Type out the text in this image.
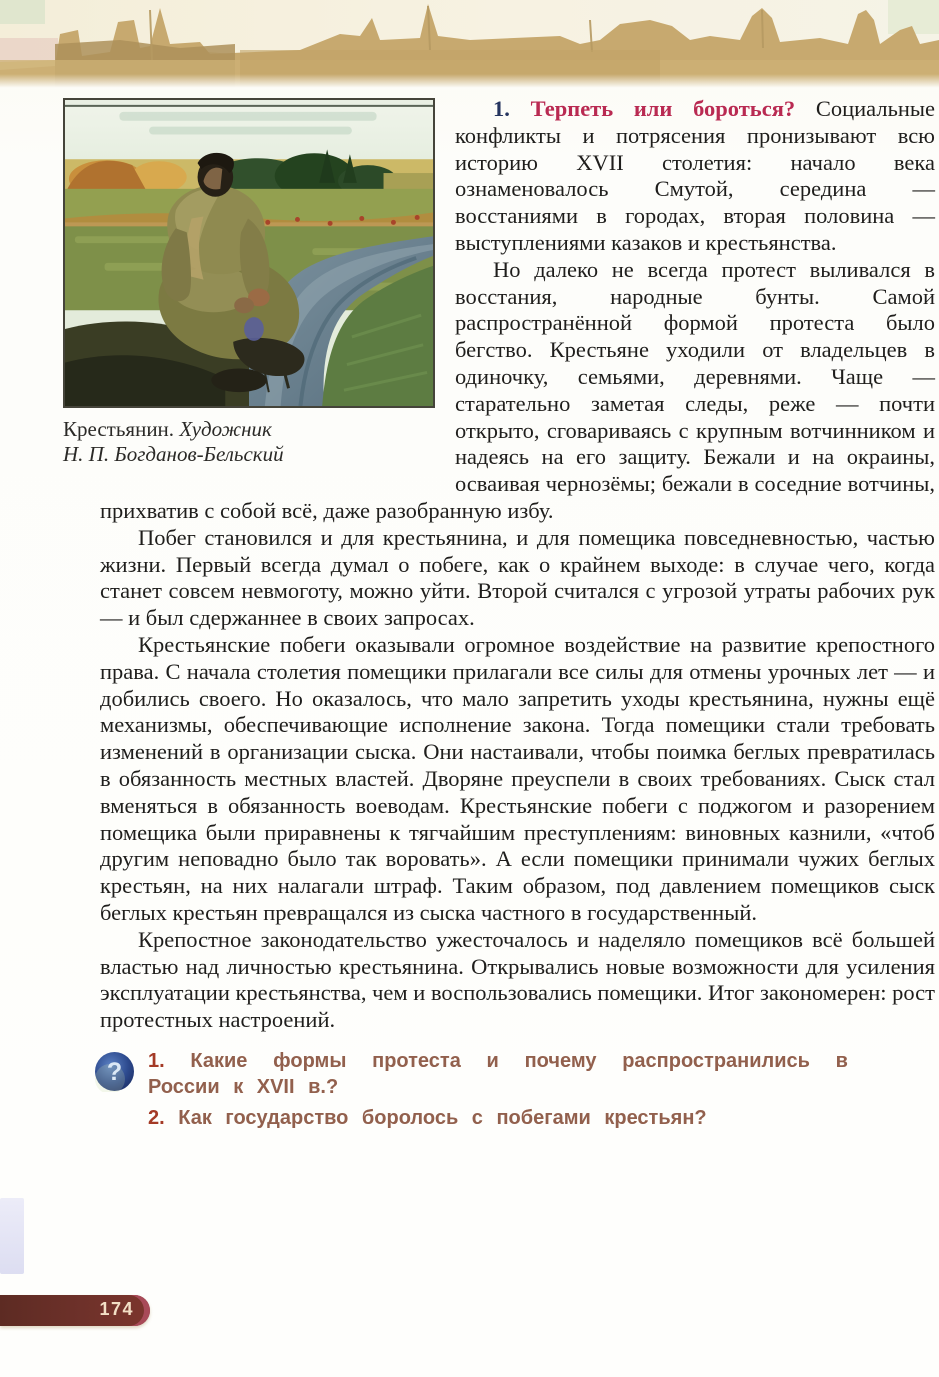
Крестьянин. Художник Н. П. Богданов-Бельский

1. Терпеть или бороться? Социальные конфликты и потрясения пронизывают всю историю XVII столетия: начало века ознаменовалось Смутой, середина — восстаниями в городах, вторая половина — выступлениями казаков и крестьянства.

Но далеко не всегда протест выливался в восстания, народные бунты. Самой распространённой формой протеста было бегство. Крестьяне уходили от владельцев в одиночку, семьями, деревнями. Чаще — старательно заметая следы, реже — почти открыто, сговариваясь с крупным вотчинником и надеясь на его защиту. Бежали и на окраины, осваивая чернозёмы; бежали в соседние вотчины, прихватив с собой всё, даже разобранную избу.

Побег становился и для крестьянина, и для помещика повседневностью, частью жизни. Первый всегда думал о побеге, как о крайнем выходе: в случае чего, когда станет совсем невмоготу, можно уйти. Второй считался с угрозой утраты рабочих рук — и был сдержаннее в своих запросах.

Крестьянские побеги оказывали огромное воздействие на развитие крепостного права. С начала столетия помещики прилагали все силы для отмены урочных лет — и добились своего. Но оказалось, что мало запретить уходы крестьянина, нужны ещё механизмы, обеспечивающие исполнение закона. Тогда помещики стали требовать изменений в организации сыска. Они настаивали, чтобы поимка беглых превратилась в обязанность местных властей. Дворяне преуспели в своих требованиях. Сыск стал вменяться в обязанность воеводам. Крестьянские побеги с поджогом и разорением помещика были приравнены к тягчайшим преступлениям: виновных казнили, «чтоб другим неповадно было так воровать». А если помещики принимали чужих беглых крестьян, на них налагали штраф. Таким образом, под давлением помещиков сыск беглых крестьян превращался из сыска частного в государственный.

Крепостное законодательство ужесточалось и наделяло помещиков всё большей властью над личностью крестьянина. Открывались новые возможности для усиления эксплуатации крестьянства, чем и воспользовались помещики. Итог закономерен: рост протестных настроений.

? 1. Какие формы протеста и почему распространились в России к XVII в.?

2. Как государство боролось с побегами крестьян?

174
